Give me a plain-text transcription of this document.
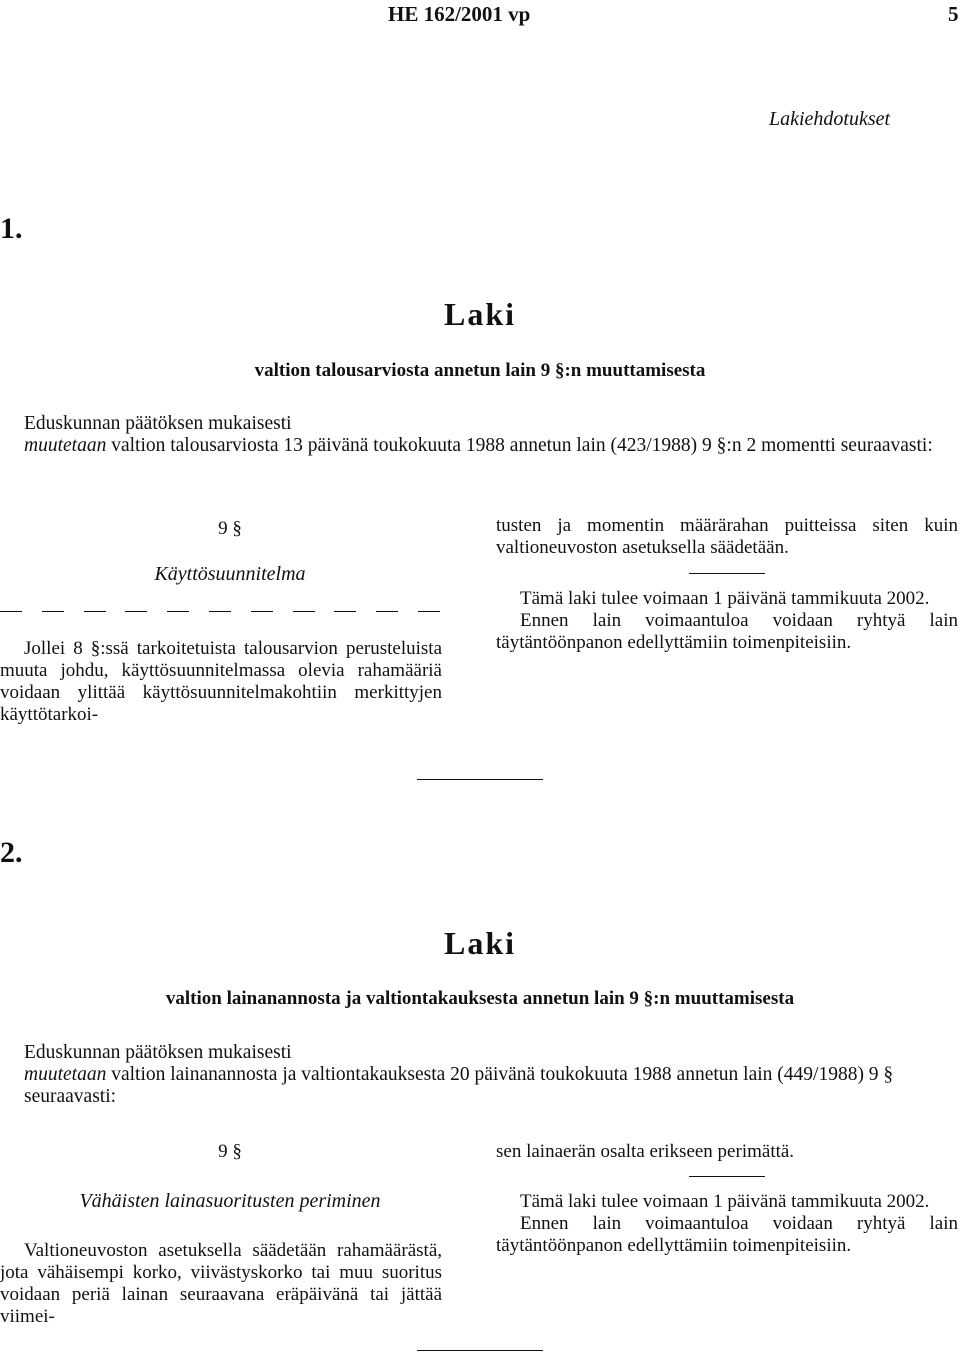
HE 162/2001 vp	5
Lakiehdotukset
1.
Laki
valtion talousarviosta annetun lain 9 §:n muuttamisesta
Eduskunnan päätöksen mukaisesti
muutetaan valtion talousarviosta 13 päivänä toukokuuta 1988 annetun lain (423/1988) 9 §:n 2 momentti seuraavasti:
9 §
Käyttösuunnitelma

Jollei 8 §:ssä tarkoitetuista talousarvion perusteluista muuta johdu, käyttösuunnitelmassa olevia rahamääriä voidaan ylittää käyttösuunnitelmakohtiin merkittyjen käyttötarkoi-

tusten ja momentin määrärahan puitteissa siten kuin valtioneuvoston asetuksella säädetään.

Tämä laki tulee voimaan 1 päivänä tammikuuta 2002.

Ennen lain voimaantuloa voidaan ryhtyä lain täytäntöönpanon edellyttämiin toimenpiteisiin.

2.
Laki
valtion lainanannosta ja valtiontakauksesta annetun lain 9 §:n muuttamisesta
Eduskunnan päätöksen mukaisesti
muutetaan valtion lainanannosta ja valtiontakauksesta 20 päivänä toukokuuta 1988 annetun lain (449/1988) 9 § seuraavasti:
9 §
Vähäisten lainasuoritusten periminen

Valtioneuvoston asetuksella säädetään rahamäärästä, jota vähäisempi korko, viivästyskorko tai muu suoritus voidaan periä lainan seuraavana eräpäivänä tai jättää viimei-

sen lainaerän osalta erikseen perimättä.

Tämä laki tulee voimaan 1 päivänä tammikuuta 2002.

Ennen lain voimaantuloa voidaan ryhtyä lain täytäntöönpanon edellyttämiin toimenpiteisiin.
